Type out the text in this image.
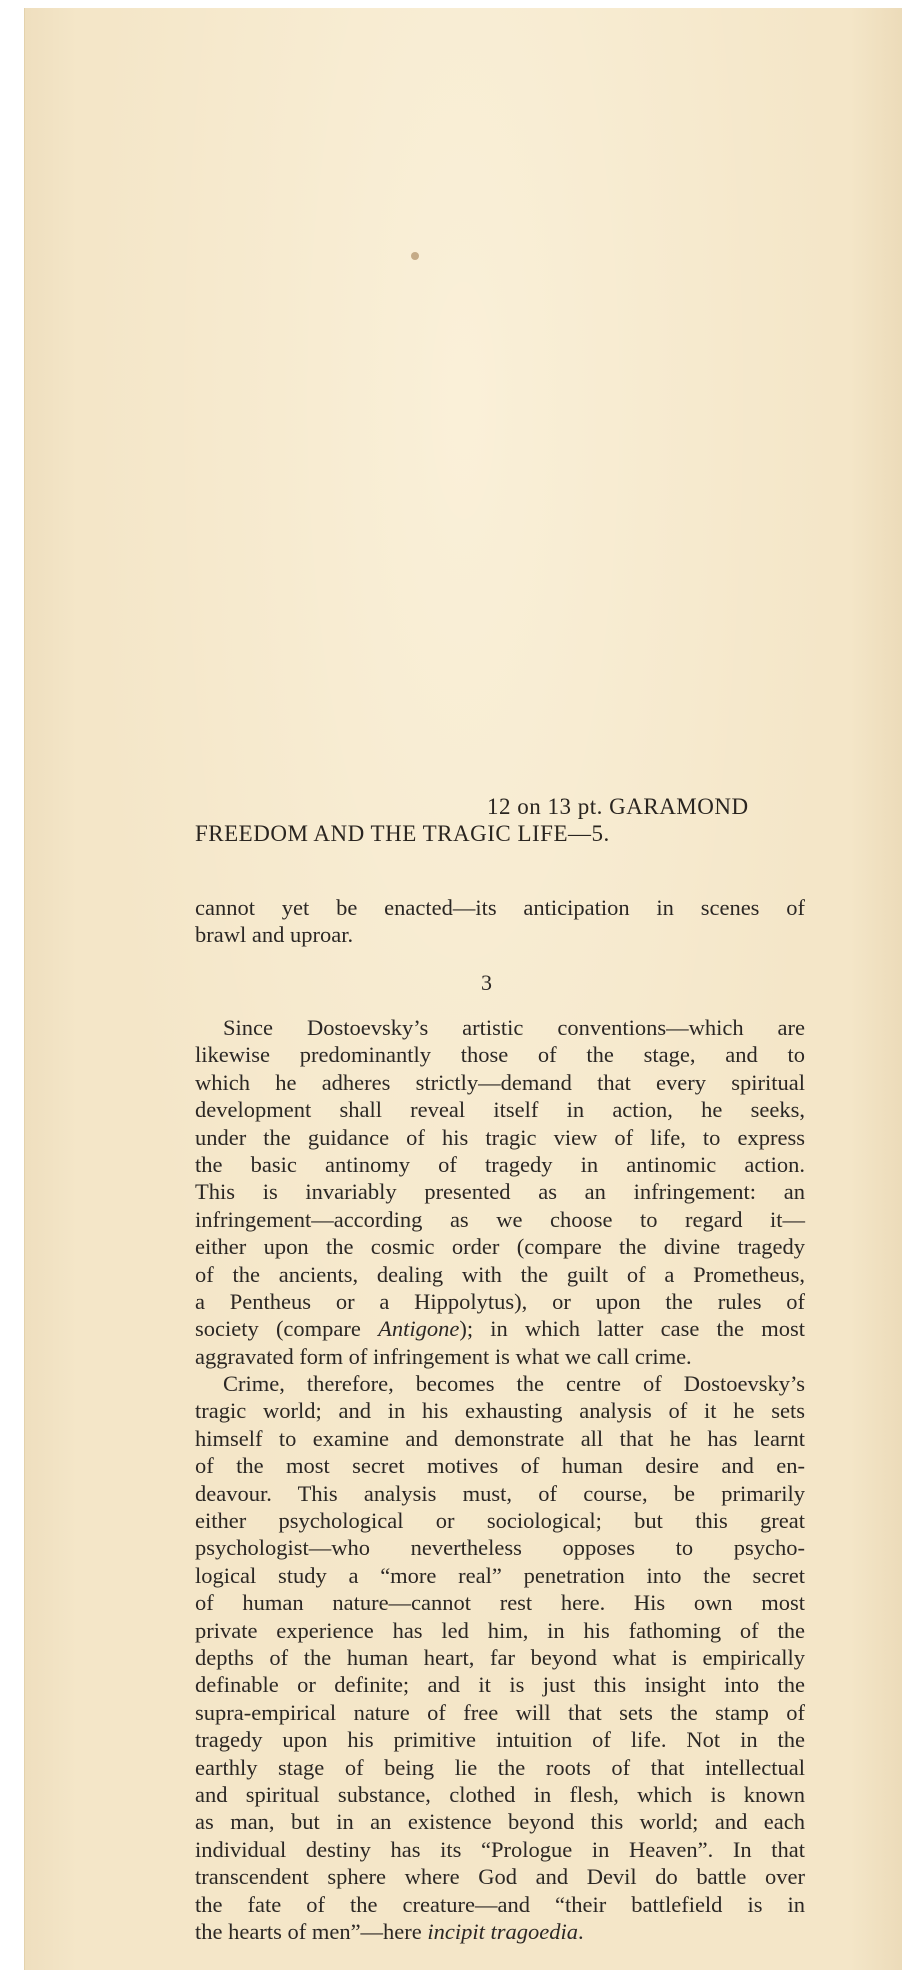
12 on 13 pt. GARAMOND
FREEDOM AND THE TRAGIC LIFE—5.
cannot yet be enacted—its anticipation in scenes of
brawl and uproar.
3
Since Dostoevsky’s artistic conventions—which are
likewise predominantly those of the stage, and to
which he adheres strictly—demand that every spiritual
development shall reveal itself in action, he seeks,
under the guidance of his tragic view of life, to express
the basic antinomy of tragedy in antinomic action.
This is invariably presented as an infringement: an
infringement—according as we choose to regard it—
either upon the cosmic order (compare the divine tragedy
of the ancients, dealing with the guilt of a Prometheus,
a Pentheus or a Hippolytus), or upon the rules of
society (compare Antigone); in which latter case the most
aggravated form of infringement is what we call crime.
Crime, therefore, becomes the centre of Dostoevsky’s
tragic world; and in his exhausting analysis of it he sets
himself to examine and demonstrate all that he has learnt
of the most secret motives of human desire and en-
deavour. This analysis must, of course, be primarily
either psychological or sociological; but this great
psychologist—who nevertheless opposes to psycho-
logical study a “more real” penetration into the secret
of human nature—cannot rest here. His own most
private experience has led him, in his fathoming of the
depths of the human heart, far beyond what is empirically
definable or definite; and it is just this insight into the
supra-empirical nature of free will that sets the stamp of
tragedy upon his primitive intuition of life. Not in the
earthly stage of being lie the roots of that intellectual
and spiritual substance, clothed in flesh, which is known
as man, but in an existence beyond this world; and each
individual destiny has its “Prologue in Heaven”. In that
transcendent sphere where God and Devil do battle over
the fate of the creature—and “their battlefield is in
the hearts of men”—here incipit tragoedia.
